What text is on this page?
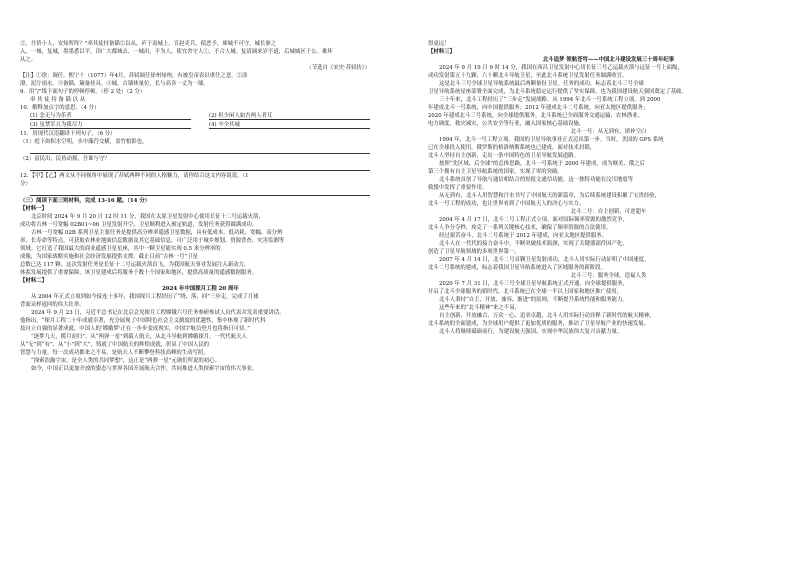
②，吾侪小人，安知所终？”率其徒持备锸②以从，庐于南城上，宣赵吏兵，使恶予，庳城不可守，城长驱之

入，一城，复城，墨墨悉以平，田广大都城去，一城出，不为人，使宜舍守人①，不合人城。复请调来岁不道，后城城区于公。难坏

从之。

（节选自《宋史·苏轼传》）

【注】①徐：调任。熙宁十（1077）年4月，苏轼调任徐州知州，有被皇帝表以重任之意。②涂

潦，泥泞雨水。③备锸，簸备挂具。④城，古墙体量位，长与高各一丈为一墙。

9．用“/”线下面句子的停顿停顿。（停 2 处）（2 分）

率 其 徒 持 备 锸 以 从

10．解释加点字的意思。（4 分）

(1) 念无与为乐者	(2) 但少闲人如吾两人者耳
(3) 虽禁军且为我尽力	(4) 卒全其城

11．用现代汉语翻译下列句子。（6 分）

（1）庭下如积水空明，水中藻荇交横，盖竹柏影也。

（2）富民出，民皆动摇，吾谁与守？

12．【甲】【乙】两文从不同视角中展现了苏轼两种不同的人格魅力，请你结合这文内容说说。（1

分）

（三）阅读下面三则材料，完成 13-16 题。（14 分）

【材料一】

北京时间 2024 年 9 月 20 日 12 时 11 分，我国在太原卫星发射中心使用长征十二号运载火箭，

成功将吉林一号宽幅 02B01~06 卫星发射升空，卫星顺利进入预定轨道，发射任务获得圆满成功。

吉林一号宽幅 02B 系列卫星主要任务是提供高分辨率遥感卫星数据，具有低成本、低功耗、宽幅、高分辨

率、长寿命等特点，可获取农林业地面信息数据及其它基础信息，可广泛用于城乡规划、资源普查、灾害监测等

领域。它打造了我国最大的商业遥感卫星星座，其中一颗卫星能实现 0.5 米分辨率的

成像，为国家战略实施和社会经济发展提供支撑。截止目前“吉林一号”卫星

总数已达 117 颗。这次发射任务是长征十二号运载火箭首飞，为我国航天事业发展注入新动力，

体系发展提供了重要保障，该卫星建成后将服务于数十个国家和地区，提供高质量的遥感数据服务。

【材料二】

2024 年中国探月工程 20 周年

从 2004 年正式立项到如今接连十多年，我国探月工程经历了“绕、落、回”三步走，完成了月球

背面采样返回的伟大壮举。

2024 年 9 月 23 日，习近平总书记在北京会见探月工程嫦娥六号任务参研参试人员代表并发表重要讲话。

他指出，“探月工程二十年成就卓著，充分展现了中国特色社会主义制度的优越性，集中体现了新时代科

技自立自强的显著成就，中国人的‘嫦娥梦’正在一步步变成现实，中国宇航员登月也将指日可待。”

“逐梦九天，揽月而归”。从“两弹一星”到载人航天，从北斗导航到嫦娥探月，一代代航天人

从“无”到“有”、从“小”到“大”，铸就了中国航天的辉煌成就，彰显了中国人民的

智慧与力量。每一次成功都来之不易，是航天人不断攀登科技高峰的生动写照。

“探索浩瀚宇宙，是全人类的共同梦想”，这正是“两弹一星”元勋们所说的初心。

如今，中国正以更加开放的姿态与世界各国开展航天合作，共同推进人类探索宇宙的伟大事业。

得更远！

【材料三】

北斗追梦 领航苍穹——中国北斗建设发展三十周年纪事

2024 年 9 月 19 日 9 时 14 分，我国在西昌卫星发射中心用长征三号乙运载火箭与远征一号上面级，

成功发射第五十九颗、六十颗北斗导航卫星，至此北斗系统卫星发射任务圆满收官。

这是北斗三号全球卫星导航系统最后两颗备份卫星。任务的成功，标志着北斗三号全球

卫星导航系统星座部署全面完成，为北斗系统稳定运行提供了坚实保障，也为我国建设航天强国奠定了基础。

三十年来，北斗工程经历了“三步走”发展战略。从 1994 年北斗一号系统工程立项，到 2000

年建成北斗一号系统，向中国提供服务；2012 年建成北斗二号系统，向亚太地区提供服务；

2020 年建成北斗三号系统，向全球提供服务，北斗系统已全面服务交通运输、农林渔业、

电力调度、救灾减灾、公共安全等行业，融入国家核心基础设施。

北斗一号：从无到有，填补空白

1994 年，北斗一号工程立项。我国的卫星导航事业正式迈出第一步。当时，美国的 GPS 系统

已在全球投入使用，俄罗斯的格洛纳斯系统也已建成，面对技术封锁，

北斗人坚持自主创新，走出一条中国特色的卫星导航发展道路。

按照“先区域、后全球”的总体思路，北斗一号系统于 2000 年建成，成为继美、俄之后

第三个拥有自主卫星导航系统的国家，实现了零的突破。

北斗系统首创了导航与通信相结合的短报文通信功能，这一独特功能在汶川地震等

救援中发挥了重要作用。

从无到有，北斗人用智慧和汗水书写了中国航天的新篇章，为后续系统建设积累了宝贵经验，

北斗一号工程的成功，也让世界看到了中国航天人的决心与实力。

北斗二号：自主创新，可逆超车

2004 年 4 月 17 日，北斗二号工程正式立项。面对国际频率资源的激烈竞争，

北斗人争分夺秒，攻克了一系列关键核心技术，确保了频率资源的合法使用。

经过艰苦奋斗，北斗二号系统于 2012 年建成，向亚太地区提供服务。

北斗人在一代代的接力奋斗中，不断突破技术瓶颈，实现了关键器部件国产化，

创造了卫星导航领域的多项世界第一。

2007 年 4 月 14 日，北斗二号首颗卫星发射成功，北斗人用实际行动证明了中国速度，

北斗二号系统的建成，标志着我国卫星导航系统进入了区域服务的新阶段。

北斗三号：服务全球，造福人类

2020 年 7 月 31 日，北斗三号全球卫星导航系统正式开通。向全球提供服务，

开启了北斗全球服务的新时代。北斗系统已在全球一半以上国家和地区推广使用，

北斗人秉持“自主、开放、兼容、渐进”的原则，不断提升系统性能和服务能力。

这些年来的“北斗精神”来之不易，

自主创新、开放融合、万众一心、追求卓越，北斗人用实际行动诠释了新时代的航天精神，

北斗系统的全面建成，为全球用户提供了更加优质的服务，推动了卫星导航产业的快速发展。

北斗人将继续砥砺前行，为建设航天强国、实现中华民族伟大复兴贡献力量。
